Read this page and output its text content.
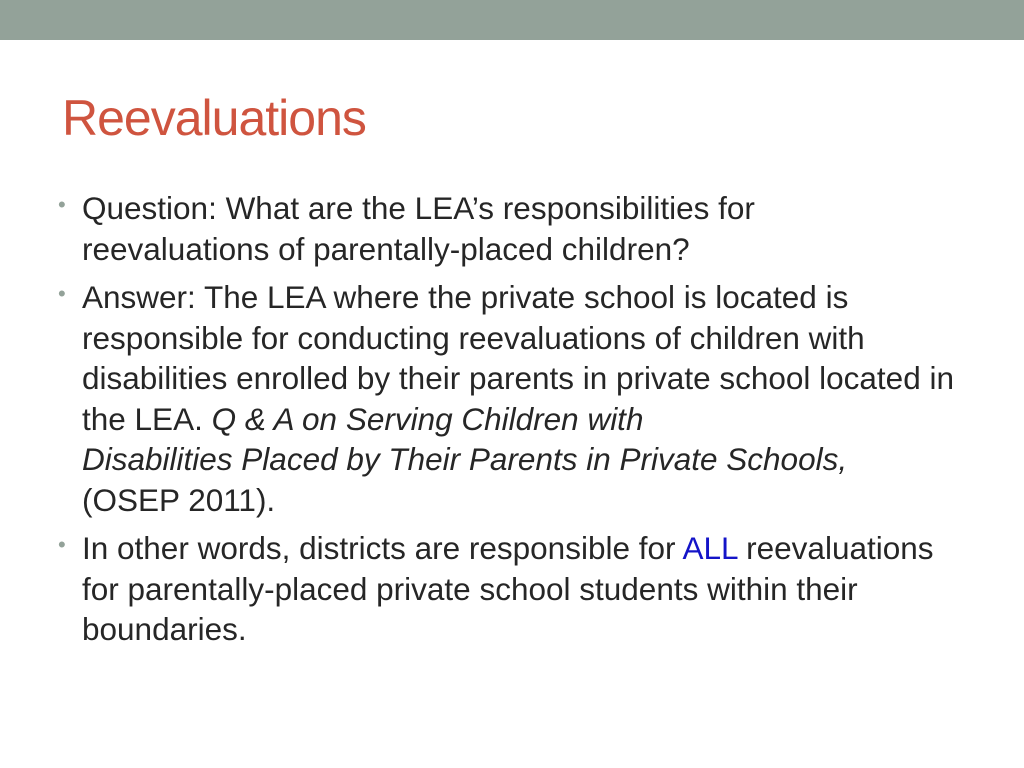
Reevaluations
• Question: What are the LEA’s responsibilities for
reevaluations of parentally-placed children?
• Answer: The LEA where the private school is located is responsible for conducting reevaluations of children with disabilities enrolled by their parents in private school located in the LEA. Q & A on Serving Children with
Disabilities Placed by Their Parents in Private Schools,
(OSEP 2011).
• In other words, districts are responsible for ALL reevaluations for parentally-placed private school students within their boundaries.
